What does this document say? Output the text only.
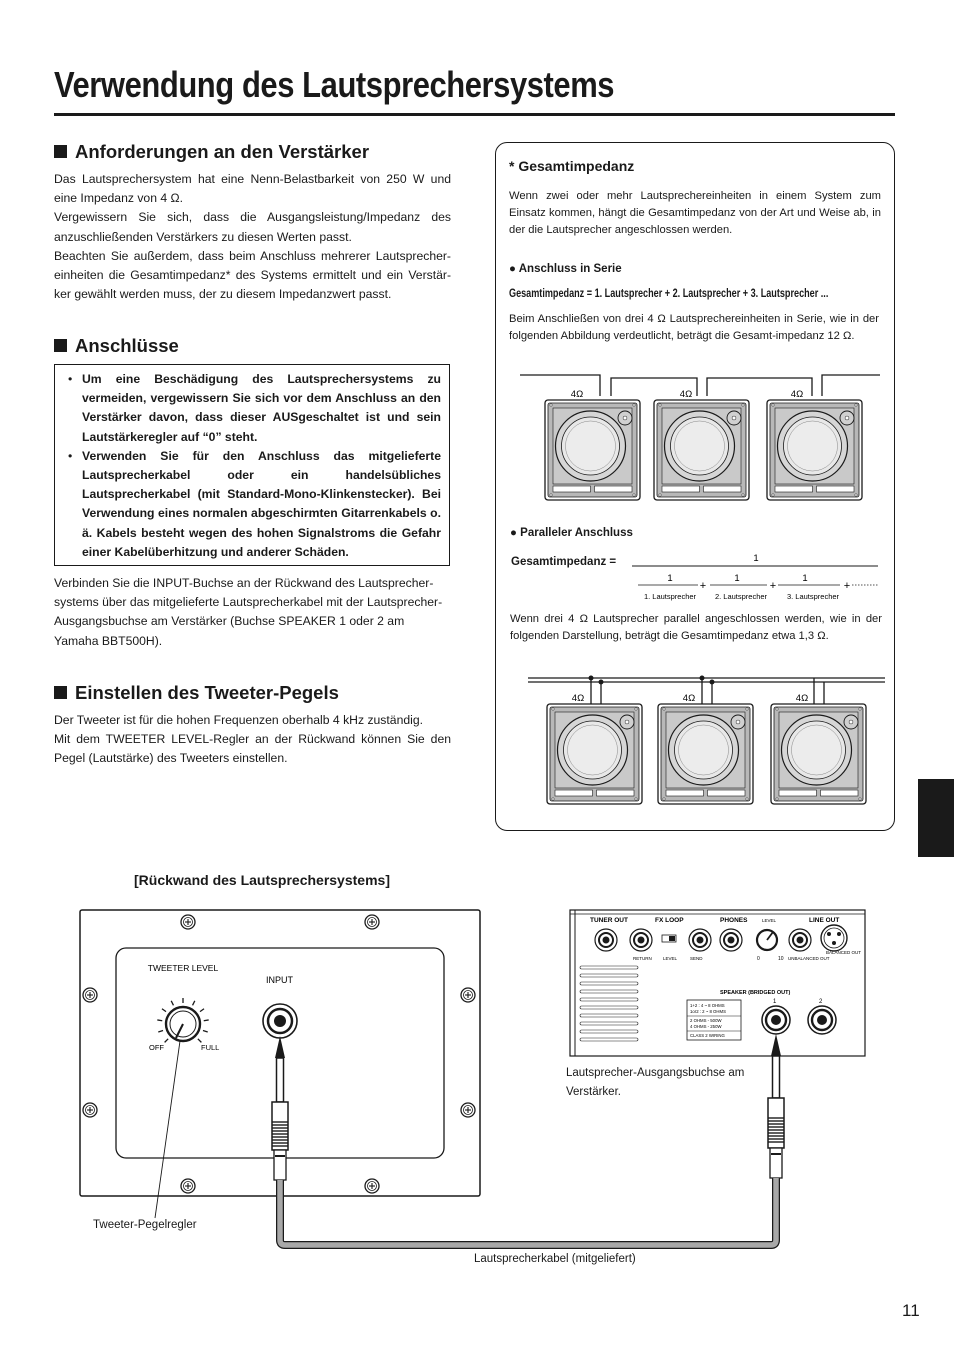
Verwendung des Lautsprechersystems
Anforderungen an den Verstärker

Das Lautsprechersystem hat eine Nenn-Belastbarkeit von 250 W und eine Impedanz von 4 Ω.

Vergewissern Sie sich, dass die Ausgangsleistung/Impedanz des anzuschließenden Verstärkers zu diesen Werten passt.

Beachten Sie außerdem, dass beim Anschluss mehrerer Lautsprecher-einheiten die Gesamtimpedanz* des Systems ermittelt und ein Verstär-ker gewählt werden muss, der zu diesem Impedanzwert passt.

Anschlüsse
• Um eine Beschädigung des Lautsprechersystems zu vermeiden, vergewissern Sie sich vor dem Anschluss an den Verstärker davon, dass dieser AUSgeschaltet ist und sein Lautstärkeregler auf “0” steht.
• Verwenden Sie für den Anschluss das mitgelieferte Lautsprecherkabel oder ein handelsübliches Lautsprecherkabel (mit Standard-Mono-Klinkenstecker). Bei Verwendung eines normalen abgeschirmten Gitarrenkabels o. ä. Kabels besteht wegen des hohen Signalstroms die Gefahr einer Kabelüberhitzung und anderer Schäden.

Verbinden Sie die INPUT-Buchse an der Rückwand des Lautsprecher-systems über das mitgelieferte Lautsprecherkabel mit der Lautsprecher-Ausgangsbuchse am Verstärker (Buchse SPEAKER 1 oder 2 am Yamaha BBT500H).

Einstellen des Tweeter-Pegels

Der Tweeter ist für die hohen Frequenzen oberhalb 4 kHz zuständig.

Mit dem TWEETER LEVEL-Regler an der Rückwand können Sie den Pegel (Lautstärke) des Tweeters einstellen.

* Gesamtimpedanz
Wenn zwei oder mehr Lautsprechereinheiten in einem System zum Einsatz kommen, hängt die Gesamtimpedanz von der Art und Weise ab, in der die Lautsprecher angeschlossen werden.
● Anschluss in Serie
Gesamtimpedanz = 1. Lautsprecher + 2. Lautsprecher + 3. Lautsprecher ...
Beim Anschließen von drei 4 Ω Lautsprechereinheiten in Serie, wie in der folgenden Abbildung verdeutlicht, beträgt die Gesamt-impedanz 12 Ω.
● Paralleler Anschluss
Gesamtimpedanz =
Wenn drei 4 Ω Lautsprecher parallel angeschlossen werden, wie in der folgenden Darstellung, beträgt die Gesamtimpedanz etwa 1,3 Ω.
4Ω	4Ω	4Ω
1
1	1	1
+	+	+
1. Lautsprecher	2. Lautsprecher	3. Lautsprecher
4Ω	4Ω	4Ω
[Rückwand des Lautsprechersystems]
TWEETER LEVEL
OFF	FULL
INPUT
TUNER OUT	FX LOOP	PHONES	LEVEL	LINE OUT
RETURN	LEVEL	SEND	0	10 UNBALANCED OUT
BALANCED OUT
SPEAKER (BRIDGED OUT)
1+2 : 4 ~ 8 OHMS
1or2 : 2 ~ 8 OHMS
2 OHMS - 500W
4 OHMS - 250W
CLASS 2 WIRING
1	2
Tweeter-Pegelregler
Lautsprecherkabel (mitgeliefert)
Lautsprecher-Ausgangsbuchse am Verstärker.
11
